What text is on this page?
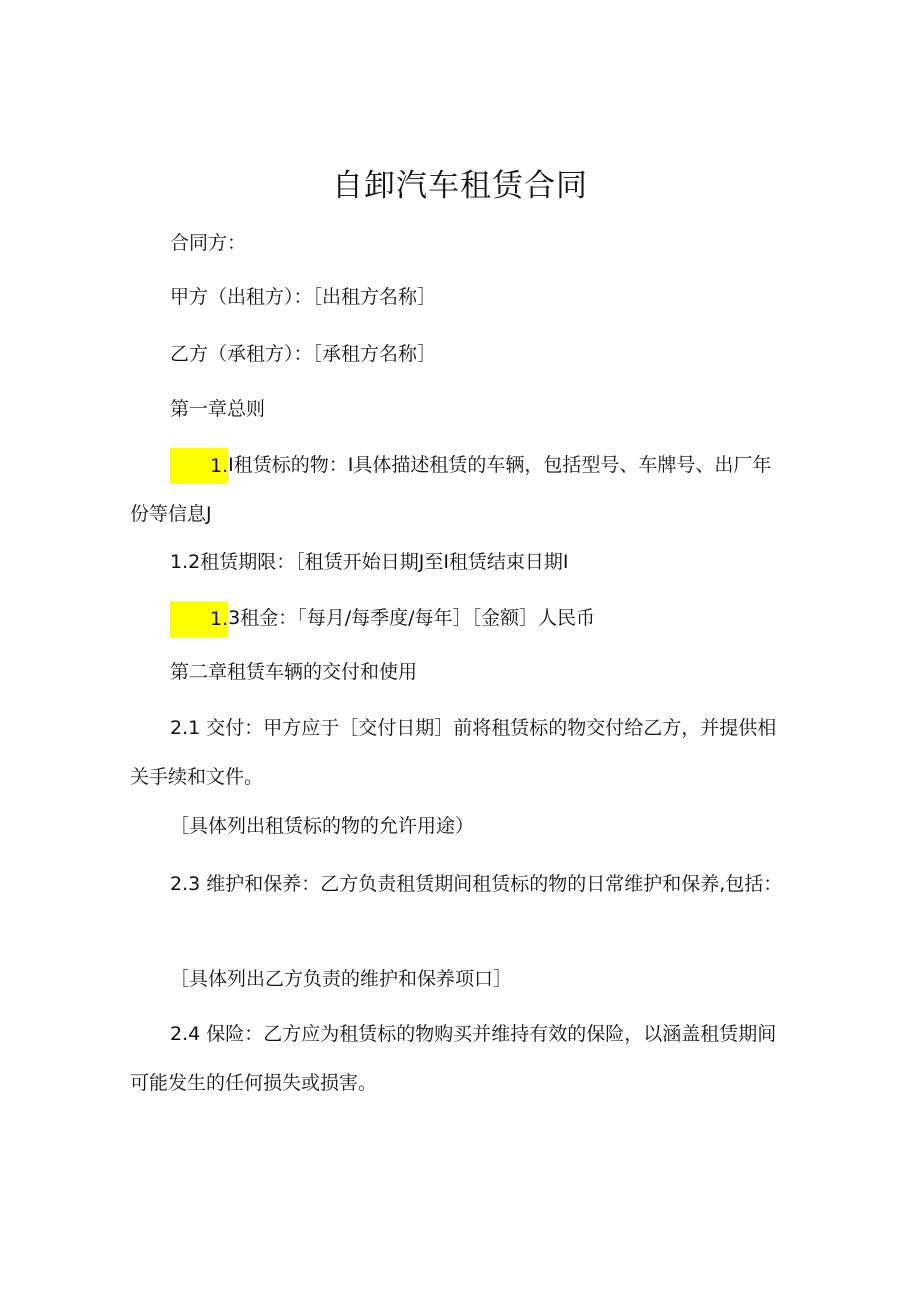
自卸汽车租赁合同

合同方：

甲方（出租方）：［出租方名称］

乙方（承租方）：［承租方名称］

第一章总则

1.I租赁标的物：I具体描述租赁的车辆，包括型号、车牌号、出厂年份等信息J

1.2租赁期限：［租赁开始日期J至I租赁结束日期I

1.3租金：「每月/每季度/每年］［金额］人民币

第二章租赁车辆的交付和使用

2.1 交付：甲方应于［交付日期］前将租赁标的物交付给乙方，并提供相关手续和文件。

［具体列出租赁标的物的允许用途）

2.3 维护和保养：乙方负责租赁期间租赁标的物的日常维护和保养,包括：

［具体列出乙方负责的维护和保养项口］

2.4 保险：乙方应为租赁标的物购买并维持有效的保险，以涵盖租赁期间可能发生的任何损失或损害。
